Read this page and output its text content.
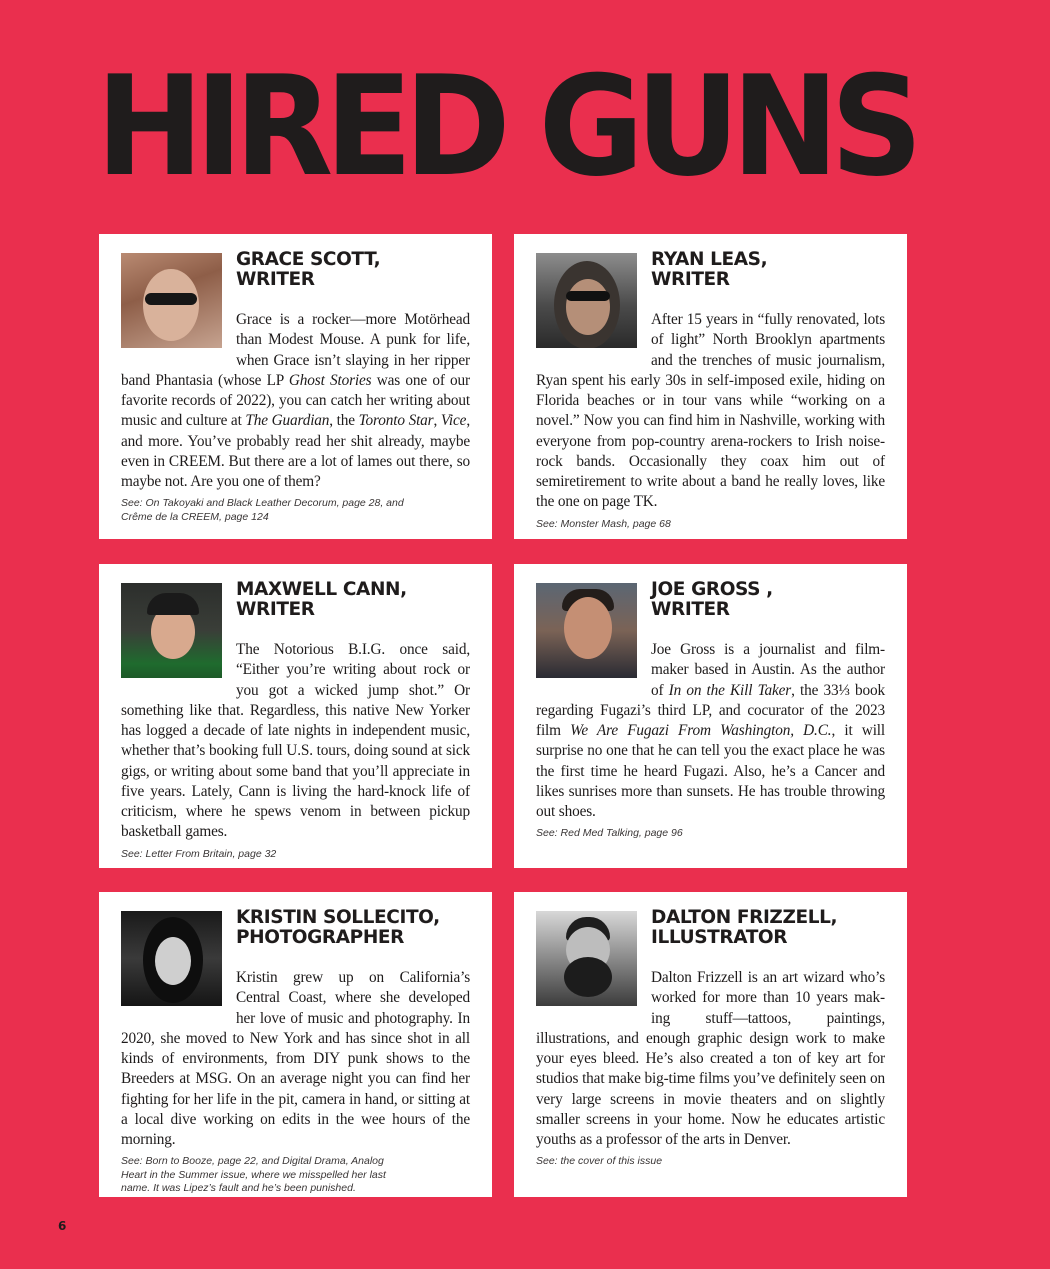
HIRED GUNS
GRACE SCOTT,
WRITER
Grace is a rocker—more Motörhead than Modest Mouse. A punk for life, when Grace isn’t slaying in her ripper band Phantasia (whose LP Ghost Stories was one of our favorite records of 2022), you can catch her writing about music and culture at The Guardian, the Toronto Star, Vice, and more. You’ve probably read her shit already, maybe even in CREEM. But there are a lot of lames out there, so maybe not. Are you one of them?
See: On Takoyaki and Black Leather Decorum, page 28, and Crême de la CREEM, page 124
RYAN LEAS,
WRITER
After 15 years in “fully renovated, lots of light” North Brooklyn apartments and the trenches of music journalism, Ryan spent his early 30s in self-imposed exile, hiding on Florida beaches or in tour vans while “working on a novel.” Now you can find him in Nashville, working with everyone from pop-country arena-rockers to Irish noise-rock bands. Occasionally they coax him out of semiretirement to write about a band he really loves, like the one on page TK.
See: Monster Mash, page 68
MAXWELL CANN,
WRITER
The Notorious B.I.G. once said, “Either you’re writing about rock or you got a wicked jump shot.” Or something like that. Regardless, this native New Yorker has logged a decade of late nights in independent music, whether that’s booking full U.S. tours, doing sound at sick gigs, or writing about some band that you’ll appreciate in five years. Lately, Cann is living the hard-knock life of criticism, where he spews venom in between pickup basketball games.
See: Letter From Britain, page 32
JOE GROSS ,
WRITER
Joe Gross is a journalist and film-maker based in Austin. As the author of In on the Kill Taker, the 33⅓ book regarding Fugazi’s third LP, and cocurator of the 2023 film We Are Fugazi From Washington, D.C., it will surprise no one that he can tell you the exact place he was the first time he heard Fugazi. Also, he’s a Cancer and likes sunrises more than sunsets. He has trouble throwing out shoes.
See: Red Med Talking, page 96
KRISTIN SOLLECITO,
PHOTOGRAPHER
Kristin grew up on California’s Central Coast, where she developed her love of music and photography. In 2020, she moved to New York and has since shot in all kinds of environments, from DIY punk shows to the Breeders at MSG. On an average night you can find her fighting for her life in the pit, camera in hand, or sitting at a local dive working on edits in the wee hours of the morning.
See: Born to Booze, page 22, and Digital Drama, Analog Heart in the Summer issue, where we misspelled her last name. It was Lipez’s fault and he’s been punished.
DALTON FRIZZELL,
ILLUSTRATOR
Dalton Frizzell is an art wizard who’s worked for more than 10 years mak-ing stuff—tattoos, paintings, illustrations, and enough graphic design work to make your eyes bleed. He’s also created a ton of key art for studios that make big-time films you’ve definitely seen on very large screens in movie theaters and on slightly smaller screens in your home. Now he educates artistic youths as a professor of the arts in Denver.
See: the cover of this issue
6
